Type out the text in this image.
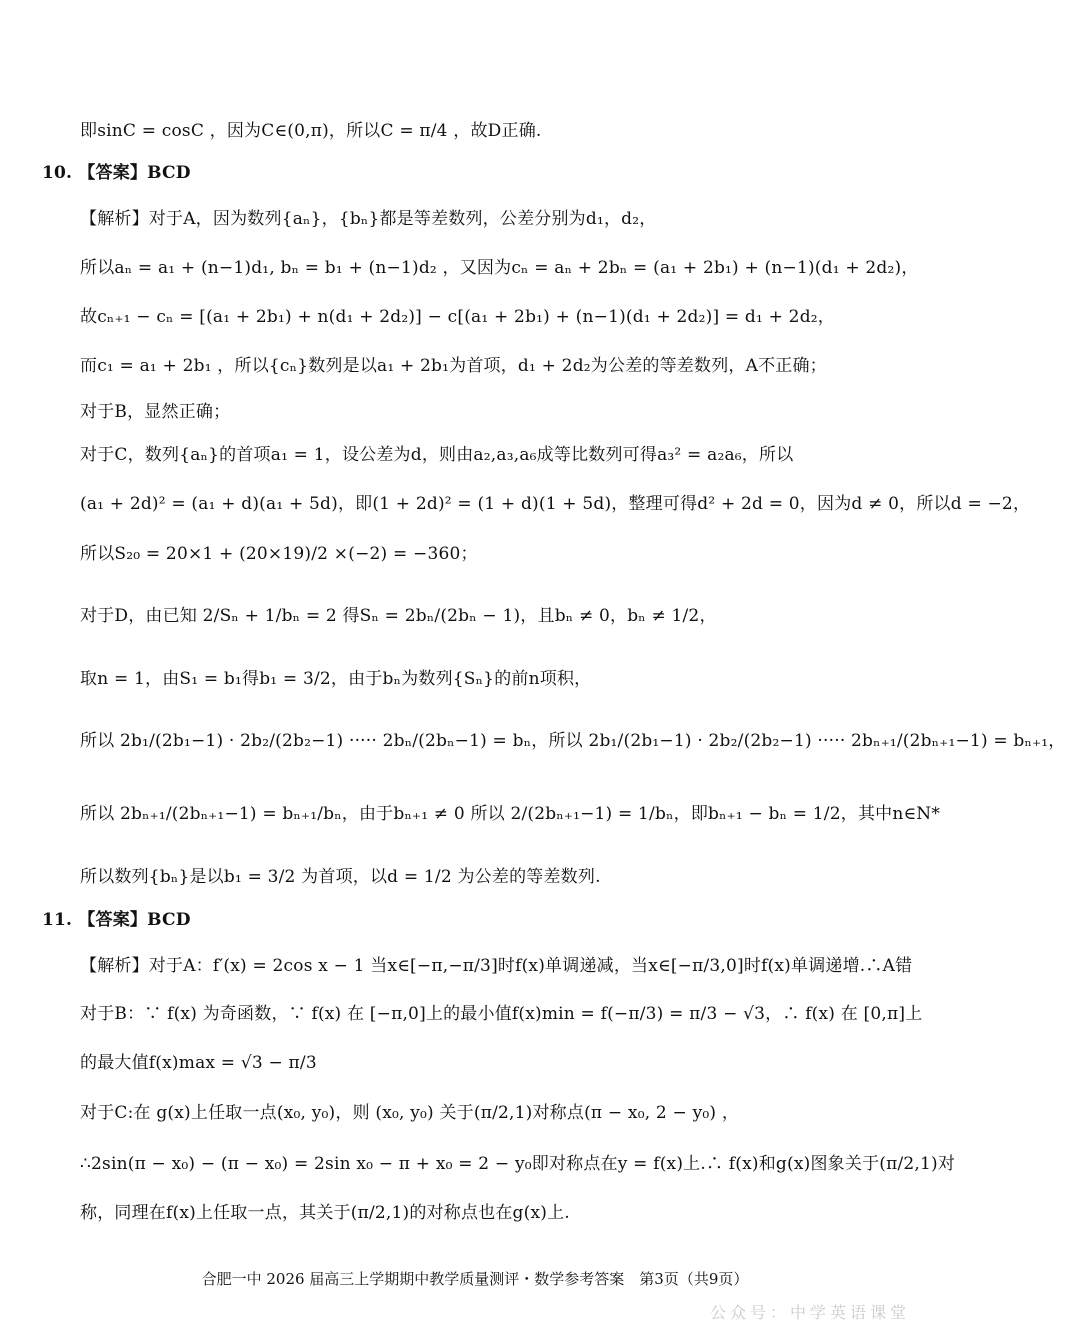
即sinC = cosC ，因为C∈(0,π)，所以C = π/4 ，故D正确.
10. 【答案】BCD
【解析】对于A，因为数列{aₙ}，{bₙ}都是等差数列，公差分别为d₁，d₂，
所以aₙ = a₁ + (n−1)d₁, bₙ = b₁ + (n−1)d₂ ，又因为cₙ = aₙ + 2bₙ = (a₁ + 2b₁) + (n−1)(d₁ + 2d₂)，
故cₙ₊₁ − cₙ = [(a₁ + 2b₁) + n(d₁ + 2d₂)] − c[(a₁ + 2b₁) + (n−1)(d₁ + 2d₂)] = d₁ + 2d₂，
而c₁ = a₁ + 2b₁ ，所以{cₙ}数列是以a₁ + 2b₁为首项，d₁ + 2d₂为公差的等差数列，A不正确；
对于B，显然正确；
对于C，数列{aₙ}的首项a₁ = 1，设公差为d，则由a₂,a₃,a₆成等比数列可得a₃² = a₂a₆，所以
(a₁ + 2d)² = (a₁ + d)(a₁ + 5d)，即(1 + 2d)² = (1 + d)(1 + 5d)，整理可得d² + 2d = 0，因为d ≠ 0，所以d = −2，
所以S₂₀ = 20×1 + (20×19)/2 ×(−2) = −360；
对于D，由已知 2/Sₙ + 1/bₙ = 2 得Sₙ = 2bₙ/(2bₙ − 1)，且bₙ ≠ 0，bₙ ≠ 1/2，
取n = 1，由S₁ = b₁得b₁ = 3/2，由于bₙ为数列{Sₙ}的前n项积，
所以 2b₁/(2b₁−1) · 2b₂/(2b₂−1) ····· 2bₙ/(2bₙ−1) = bₙ，所以 2b₁/(2b₁−1) · 2b₂/(2b₂−1) ····· 2bₙ₊₁/(2bₙ₊₁−1) = bₙ₊₁，
所以 2bₙ₊₁/(2bₙ₊₁−1) = bₙ₊₁/bₙ，由于bₙ₊₁ ≠ 0 所以 2/(2bₙ₊₁−1) = 1/bₙ，即bₙ₊₁ − bₙ = 1/2，其中n∈N*
所以数列{bₙ}是以b₁ = 3/2 为首项，以d = 1/2 为公差的等差数列.
11. 【答案】BCD
【解析】对于A：f′(x) = 2cos x − 1 当x∈[−π,−π/3]时f(x)单调递减，当x∈[−π/3,0]时f(x)单调递增.∴A错
对于B：∵ f(x) 为奇函数，∵ f(x) 在 [−π,0]上的最小值f(x)min = f(−π/3) = π/3 − √3，∴ f(x) 在 [0,π]上
的最大值f(x)max = √3 − π/3
对于C:在 g(x)上任取一点(x₀, y₀)，则 (x₀, y₀) 关于(π/2,1)对称点(π − x₀, 2 − y₀) ，
∴2sin(π − x₀) − (π − x₀) = 2sin x₀ − π + x₀ = 2 − y₀即对称点在y = f(x)上.∴ f(x)和g(x)图象关于(π/2,1)对
称，同理在f(x)上任取一点，其关于(π/2,1)的对称点也在g(x)上.
合肥一中 2026 届高三上学期期中教学质量测评・数学参考答案　第3页（共9页）
公众号：中学英语课堂
